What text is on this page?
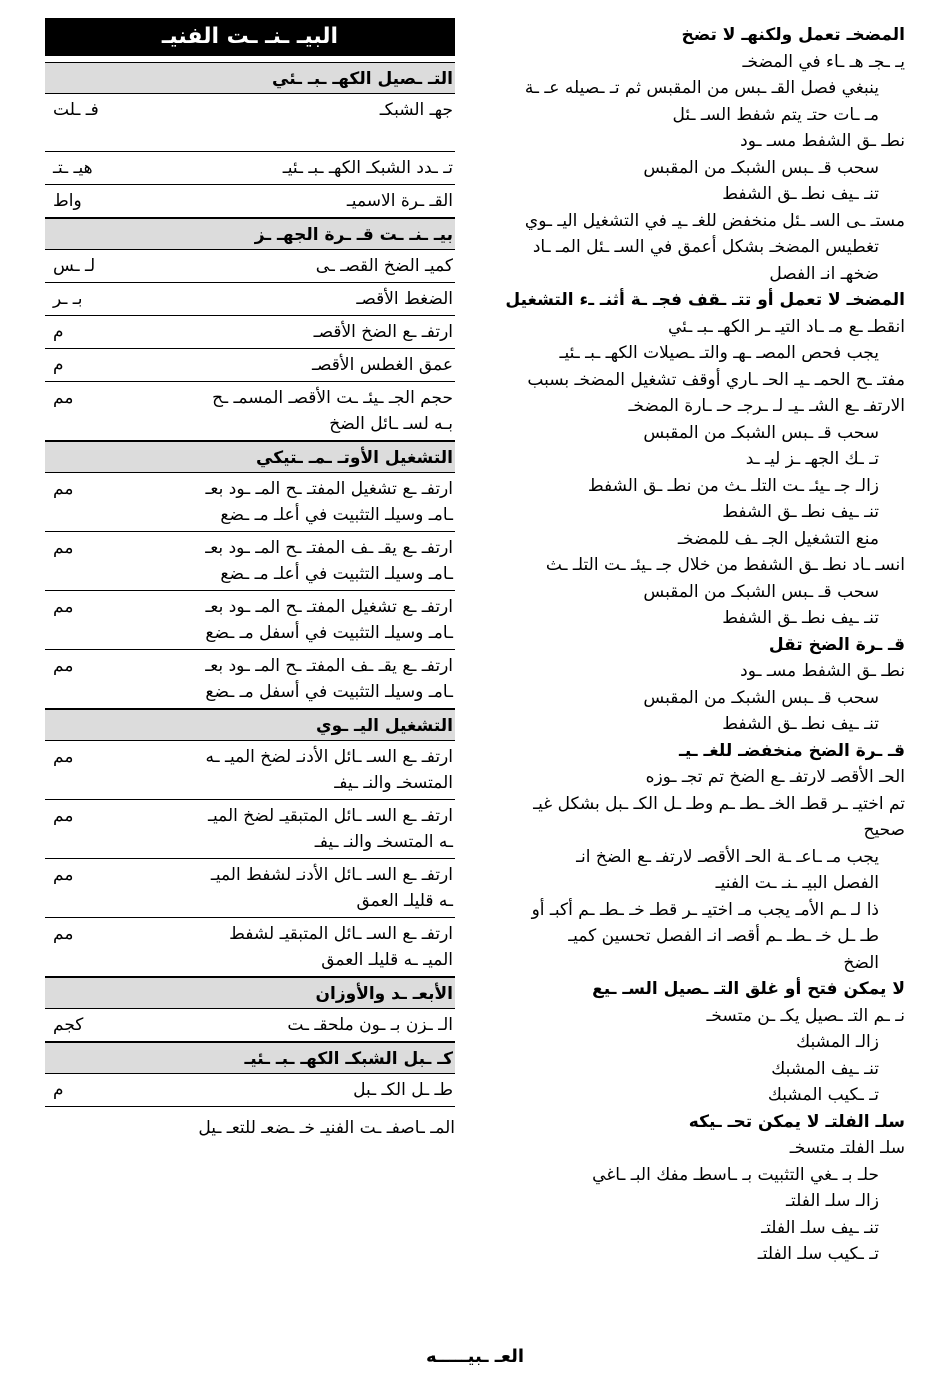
البيـ ـنـ ـت الفنيـ
التـ ـصيل الكهـ ـبـ ـئي
جهـ الشبكـ
فـ ـلت
تـ ـدد الشبكـ الكهـ ـبـ ـئيـ
هيـ ـتـ
القـ ـرة الاسميـ
واط
بيـ ـنـ ـت قـ ـرة الجهـ ـز
كميـ الضخ القصـ ـى
لـ ـس
الضغط الأقصـ
بـ ـر
ارتفـ ـع الضخ الأقصـ
م
عمق الغطس الأقصـ
م
حجم الجـ ـيئـ ـت الأقصـ المسمـ ـح بـه لسـ ـائل الضخ
مم
التشغيل الأوتـ ـمـ ـتيكي
ارتفـ ـع تشغيل المفتـ ـح المـ ـود بعـ ـامـ وسيلـ التثبيت في أعلـ مـ ـضع
مم
ارتفـ ـع يقـ ـف المفتـ ـح المـ ـود بعـ ـامـ وسيلـ التثبيت في أعلـ مـ ـضع
مم
ارتفـ ـع تشغيل المفتـ ـح المـ ـود بعـ ـامـ وسيلـ التثبيت في أسفل مـ ـضع
مم
ارتفـ ـع يقـ ـف المفتـ ـح المـ ـود بعـ ـامـ وسيلـ التثبيت في أسفل مـ ـضع
مم
التشغيل اليـ ـوي
ارتفـ ـع السـ ـائل الأدنـ لضخ الميـ ـه المتسخـ والنـ ـيفـ
مم
ارتفـ ـع السـ ـائل المتبقيـ لضخ الميـ ـه المتسخـ والنـ ـيفـ
مم
ارتفـ ـع السـ ـائل الأدنـ لشفط الميـ ـه قليلـ العمق
مم
ارتفـ ـع السـ ـائل المتبقيـ لشفط الميـ ـه قليلـ العمق
مم
الأبعـ ـد والأوزان
الـ ـزن بـ ـون ملحقـ ـت
كجم
كـ ـبل الشبكـ الكهـ ـبـ ـئيـ
طـ ـل الكـ ـبل
م
المـ ـاصفـ ـت الفنيـ خـ ـضعـ للتعـ ـيل
المضخـ تعمل ولكنهـ لا تضخ
يـ ـجـ هـ ـاء في المضخـ
ينبغي فصل القـ ـبس من المقبس ثم تـ ـصيله عـ ـة
مـ ـات حتـ يتم شفط السـ ـئل
نطـ ـق الشفط مسـ ـود
سحب قـ ـبس الشبكـ من المقبس
تنـ ـيف نطـ ـق الشفط
مستـ ـى السـ ـئل منخفض للغـ ـيـ في التشغيل اليـ ـوي
تغطيس المضخـ بشكل أعمق في السـ ـئل المـ ـاد
ضخهـ انـ الفصل
المضخـ لا تعمل أو تتـ ـقف فجـ ـة أثنـ ـء التشغيل
انقطـ ـع مـ ـاد التيـ ـر الكهـ ـبـ ـئي
يجب فحص المصـ ـهـ والتـ ـصيلات الكهـ ـبـ ـئيـ
مفتـ ـح الحمـ ـيـ الحـ ـاري أوقف تشغيل المضخـ بسبب
الارتفـ ـع الشـ ـيـ لـ ـرجـ حـ ـارة المضخـ
سحب قـ ـبس الشبكـ من المقبس
تـ ـك الجهـ ـز ليـ ـد
زالـ جـ ـيئـ ـت التلـ ـث من نطـ ـق الشفط
تنـ ـيف نطـ ـق الشفط
منع التشغيل الجـ ـف للمضخـ
انسـ ـاد نطـ ـق الشفط من خلال جـ ـيئـ ـت التلـ ـث
سحب قـ ـبس الشبكـ من المقبس
تنـ ـيف نطـ ـق الشفط
قـ ـرة الضخ تقل
نطـ ـق الشفط مسـ ـود
سحب قـ ـبس الشبكـ من المقبس
تنـ ـيف نطـ ـق الشفط
قـ ـرة الضخ منخفضـ للغـ ـيـ
الحـ الأقصـ لارتفـ ـع الضخ تم تجـ ـوزه
تم اختيـ ـر قطـ الخـ ـطـ ـم وطـ ـل الكـ ـبل بشكل غيـ
صحيح
يجب مـ ـاعـ ـة الحـ الأقصـ لارتفـ ـع الضخ انـ
الفصل البيـ ـنـ ـت الفنيـ
ذا لـ ـم الأمـ يجب مـ اختيـ ـر قطـ خـ ـطـ ـم أكبـ أو
طـ ـل خـ ـطـ ـم أقصـ انـ الفصل تحسين كميـ
الضخ
لا يمكن فتح أو غلق التـ ـصيل السـ ـيع
نـ ـم التـ ـصيل يكـ ـن متسخـ
زالـ المشبك
تنـ ـيف المشبك
تـ ـكيب المشبك
سلـ الفلتـ لا يمكن تحـ ـيكه
سلـ الفلتـ متسخـ
حلـ بـ ـغي التثبيت بـ ـاسطـ مفك البـ ـاغي
زالـ سلـ الفلتـ
تنـ ـيف سلـ الفلتـ
تـ ـكيب سلـ الفلتـ
العـ ـبيـــــه
